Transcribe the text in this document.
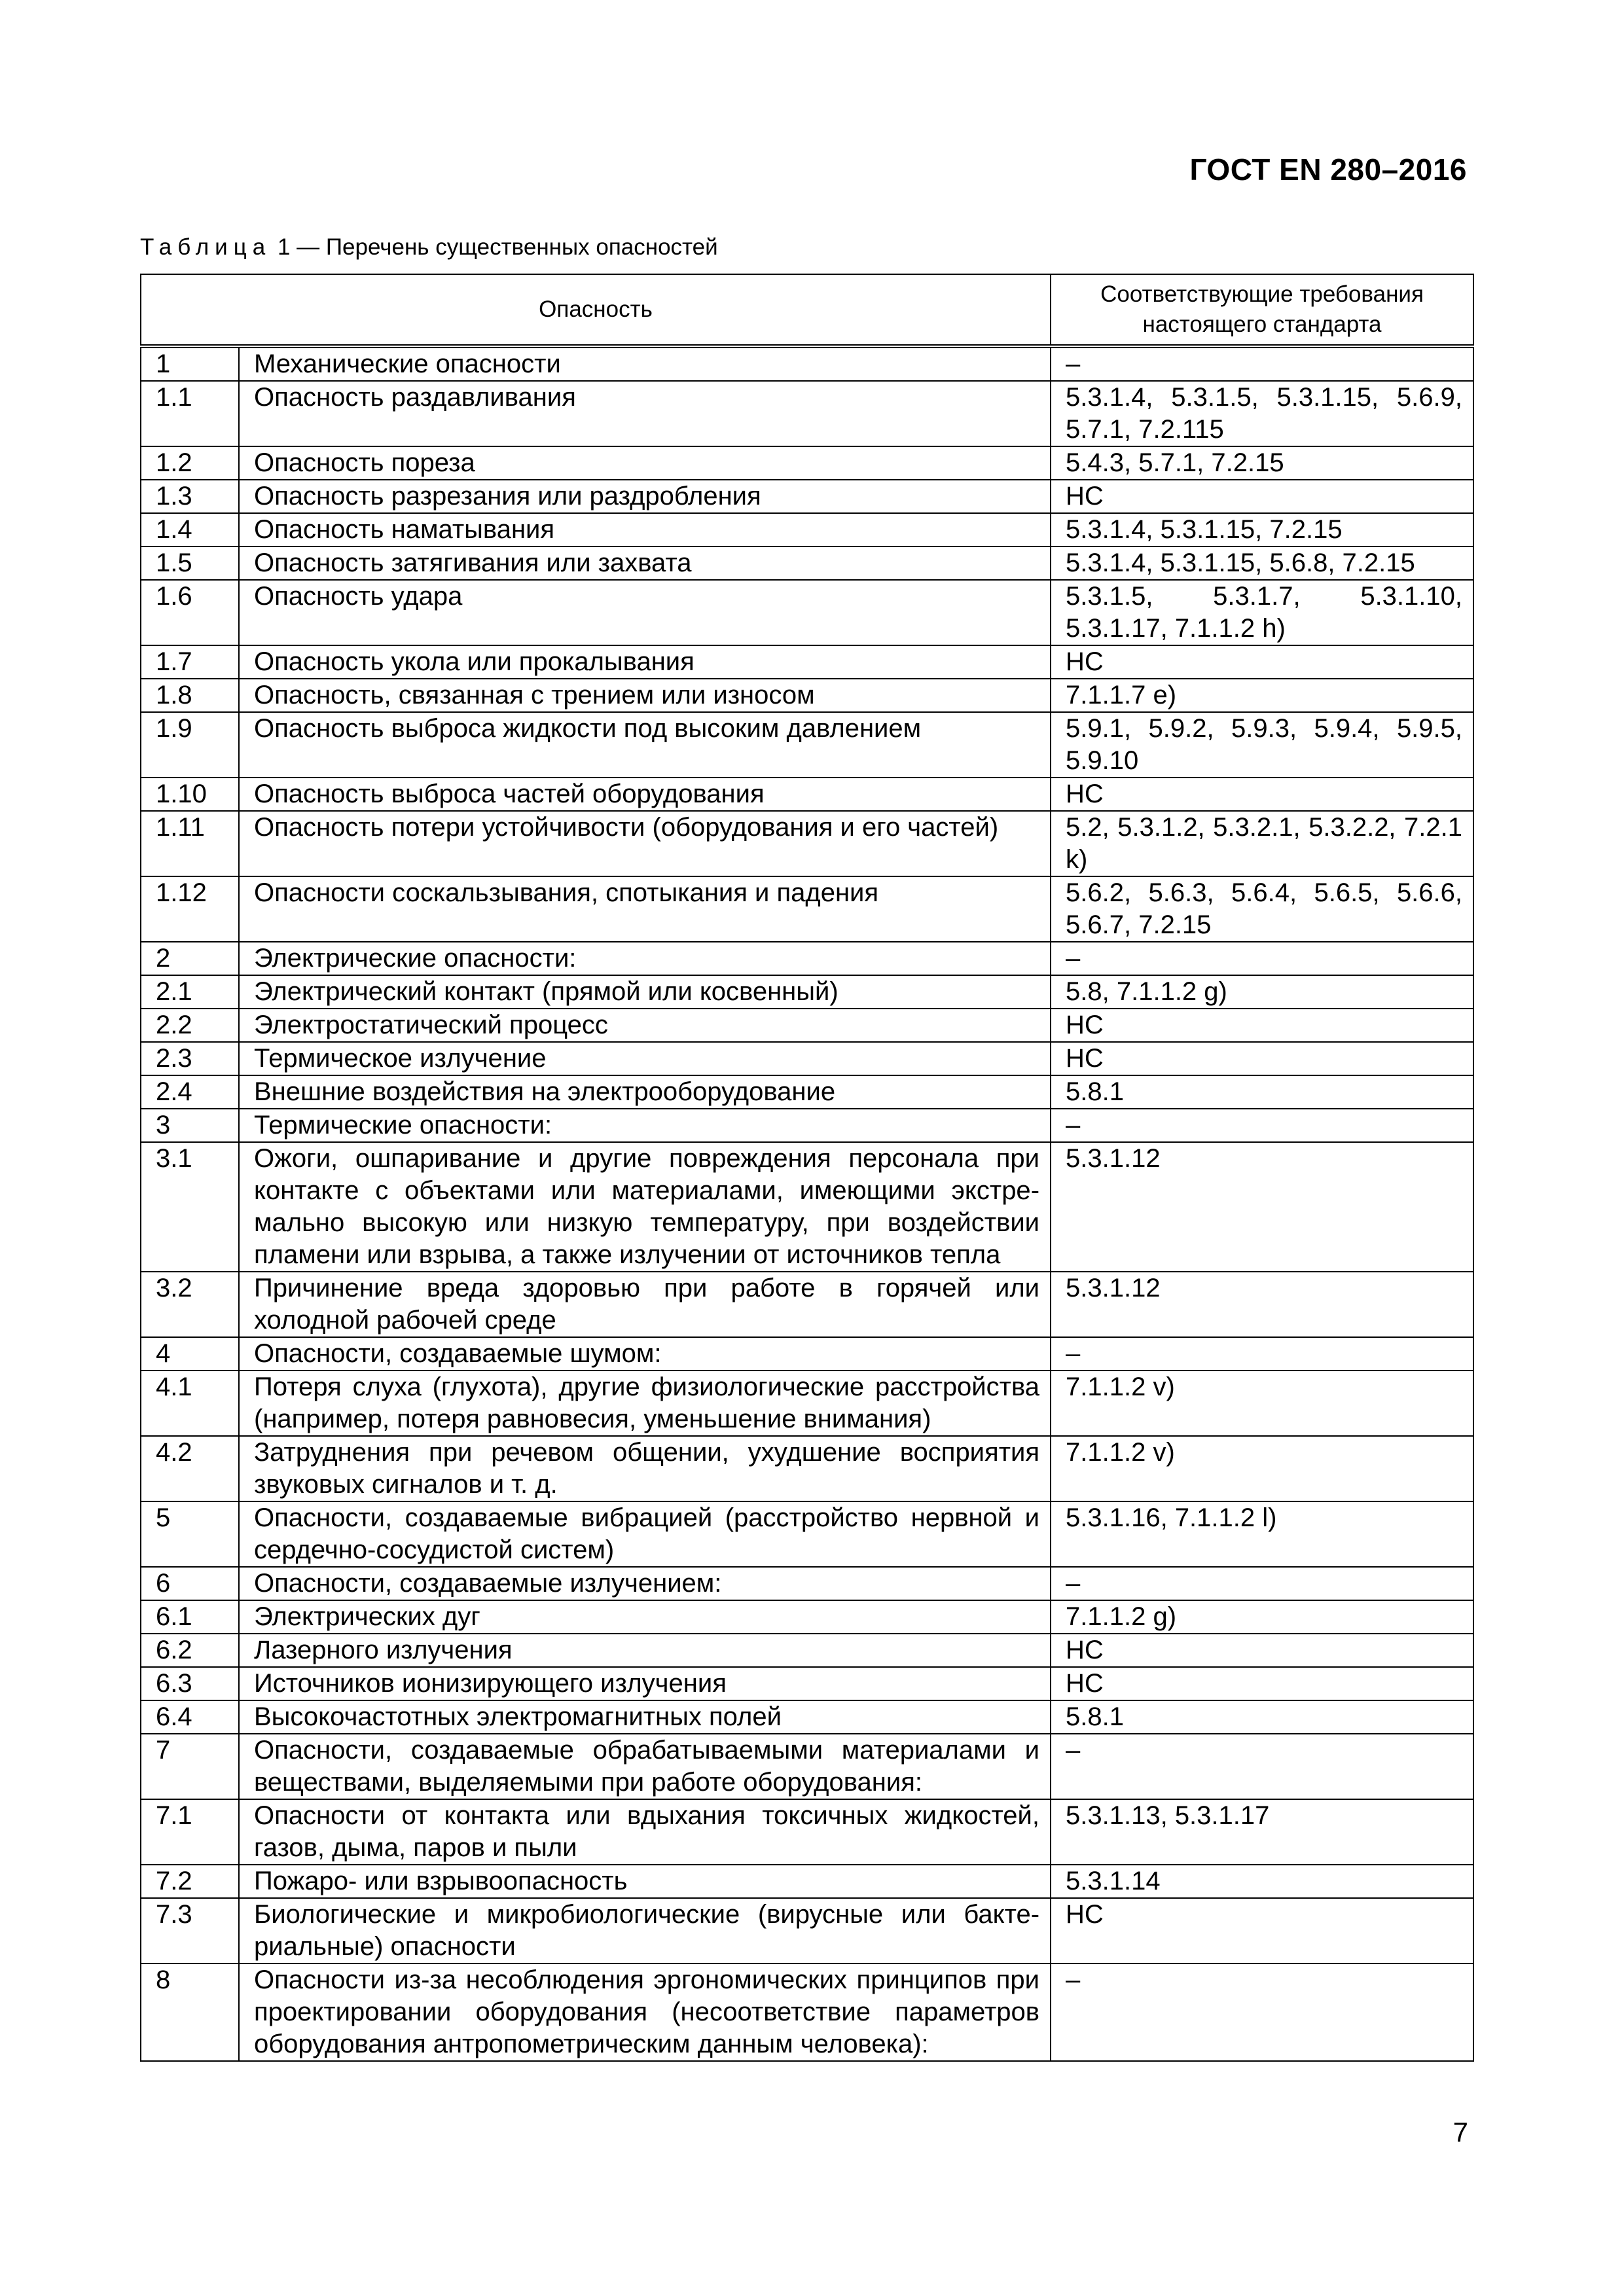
ГОСТ EN 280–2016
Таблица 1 — Перечень существенных опасностей
Опасность		Соответствующие требования настоящего стандарта
1	Механические опасности	–
1.1	Опасность раздавливания	5.3.1.4, 5.3.1.5, 5.3.1.15, 5.6.9, 5.7.1, 7.2.115
1.2	Опасность пореза	5.4.3, 5.7.1, 7.2.15
1.3	Опасность разрезания или раздробления	НС
1.4	Опасность наматывания	5.3.1.4, 5.3.1.15, 7.2.15
1.5	Опасность затягивания или захвата	5.3.1.4, 5.3.1.15, 5.6.8, 7.2.15
1.6	Опасность удара	5.3.1.5, 5.3.1.7, 5.3.1.10, 5.3.1.17, 7.1.1.2 h)
1.7	Опасность укола или прокалывания	НС
1.8	Опасность, связанная с трением или износом	7.1.1.7 e)
1.9	Опасность выброса жидкости под высоким давлением	5.9.1, 5.9.2, 5.9.3, 5.9.4, 5.9.5, 5.9.10
1.10	Опасность выброса частей оборудования	НС
1.11	Опасность потери устойчивости (оборудования и его частей)	5.2, 5.3.1.2, 5.3.2.1, 5.3.2.2, 7.2.1 k)
1.12	Опасности соскальзывания, спотыкания и падения	5.6.2, 5.6.3, 5.6.4, 5.6.5, 5.6.6, 5.6.7, 7.2.15
2	Электрические опасности:	–
2.1	Электрический контакт (прямой или косвенный)	5.8, 7.1.1.2 g)
2.2	Электростатический процесс	НС
2.3	Термическое излучение	НС
2.4	Внешние воздействия на электрооборудование	5.8.1
3	Термические опасности:	–
3.1	Ожоги, ошпаривание и другие повреждения персонала при контакте с объектами или материалами, имеющими экстремально высокую или низкую температуру, при воздействии пламени или взрыва, а также излучении от источников тепла	5.3.1.12
3.2	Причинение вреда здоровью при работе в горячей или холодной рабочей среде	5.3.1.12
4	Опасности, создаваемые шумом:	–
4.1	Потеря слуха (глухота), другие физиологические расстройства (например, потеря равновесия, уменьшение внимания)	7.1.1.2 v)
4.2	Затруднения при речевом общении, ухудшение восприятия звуковых сигналов и т. д.	7.1.1.2 v)
5	Опасности, создаваемые вибрацией (расстройство нервной и сердечно-сосудистой систем)	5.3.1.16, 7.1.1.2 l)
6	Опасности, создаваемые излучением:	–
6.1	Электрических дуг	7.1.1.2 g)
6.2	Лазерного излучения	НС
6.3	Источников ионизирующего излучения	НС
6.4	Высокочастотных электромагнитных полей	5.8.1
7	Опасности, создаваемые обрабатываемыми материалами и веществами, выделяемыми при работе оборудования:	–
7.1	Опасности от контакта или вдыхания токсичных жидкостей, газов, дыма, паров и пыли	5.3.1.13, 5.3.1.17
7.2	Пожаро- или взрывоопасность	5.3.1.14
7.3	Биологические и микробиологические (вирусные или бактериальные) опасности	НС
8	Опасности из-за несоблюдения эргономических принципов при проектировании оборудования (несоответствие параметров оборудования антропометрическим данным человека):	–
7
